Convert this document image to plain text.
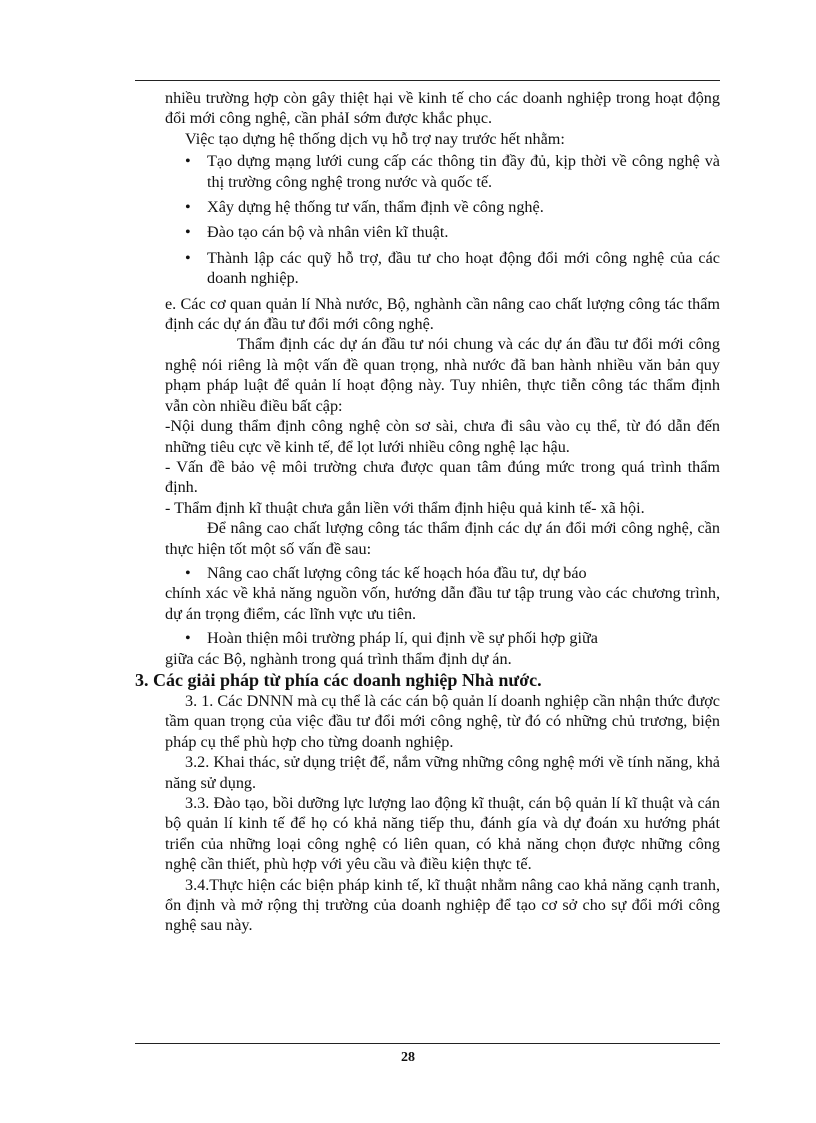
nhiều trường hợp còn gây thiệt hại về kinh tế cho các doanh nghiệp trong hoạt động đổi mới công nghệ, cần phảI sớm được khắc phục.

Việc tạo dựng hệ thống dịch vụ hỗ trợ nay trước hết nhằm:

• Tạo dựng mạng lưới cung cấp các thông tin đầy đủ, kịp thời về công nghệ và thị trường công nghệ trong nước và quốc tế.
• Xây dựng hệ thống tư vấn, thẩm định về công nghệ.
• Đào tạo cán bộ và nhân viên kĩ thuật.
• Thành lập các quỹ hỗ trợ, đầu tư cho hoạt động đổi mới công nghệ của các doanh nghiệp.

e. Các cơ quan quản lí Nhà nước, Bộ, nghành cần nâng cao chất lượng công tác thẩm định các dự án đầu tư đổi mới công nghệ.

Thẩm định các dự án đầu tư nói chung và các dự án đầu tư đổi mới công nghệ nói riêng là một vấn đề quan trọng, nhà nước đã ban hành nhiều văn bản quy phạm pháp luật để quản lí hoạt động này. Tuy nhiên, thực tiễn công tác thẩm định vẫn còn nhiều điều bất cập:

-Nội dung thẩm định công nghệ còn sơ sài, chưa đi sâu vào cụ thể, từ đó dẫn đến những tiêu cực về kinh tế, để lọt lưới nhiều công nghệ lạc hậu.

- Vấn đề bảo vệ môi trường chưa được quan tâm đúng mức trong quá trình thẩm định.

- Thẩm định kĩ thuật chưa gắn liền với thẩm định hiệu quả kinh tế- xã hội.

Để nâng cao chất lượng công tác thẩm định các dự án đổi mới công nghệ, cần thực hiện tốt một số vấn đề sau:

• Nâng cao chất lượng công tác kế hoạch hóa đầu tư, dự báo

chính xác về khả năng nguồn vốn, hướng dẫn đầu tư tập trung vào các chương trình, dự án trọng điểm, các lĩnh vực ưu tiên.

• Hoàn thiện môi trường pháp lí, qui định về sự phối hợp giữa

giữa các Bộ, nghành trong quá trình thẩm định dự án.

3. Các giải pháp từ phía các doanh nghiệp Nhà nước.

3. 1. Các DNNN mà cụ thể là các cán bộ quản lí doanh nghiệp cần nhận thức được tầm quan trọng của việc đầu tư đổi mới công nghệ, từ đó có những chủ trương, biện pháp cụ thể phù hợp cho từng doanh nghiệp.

3.2. Khai thác, sử dụng triệt để, nắm vững những công nghệ mới về tính năng, khả năng sử dụng.

3.3. Đào tạo, bồi dưỡng lực lượng lao động kĩ thuật, cán bộ quản lí kĩ thuật và cán bộ quản lí kinh tế để họ có khả năng tiếp thu, đánh gía và dự đoán xu hướng phát triển của những loại công nghệ có liên quan, có khả năng chọn được những công nghệ cần thiết, phù hợp với yêu cầu và điều kiện thực tế.

3.4.Thực hiện các biện pháp kinh tế, kĩ thuật nhằm nâng cao khả năng cạnh tranh, ổn định và mở rộng thị trường của doanh nghiệp để tạo cơ sở cho sự đổi mới công nghệ sau này.

28
